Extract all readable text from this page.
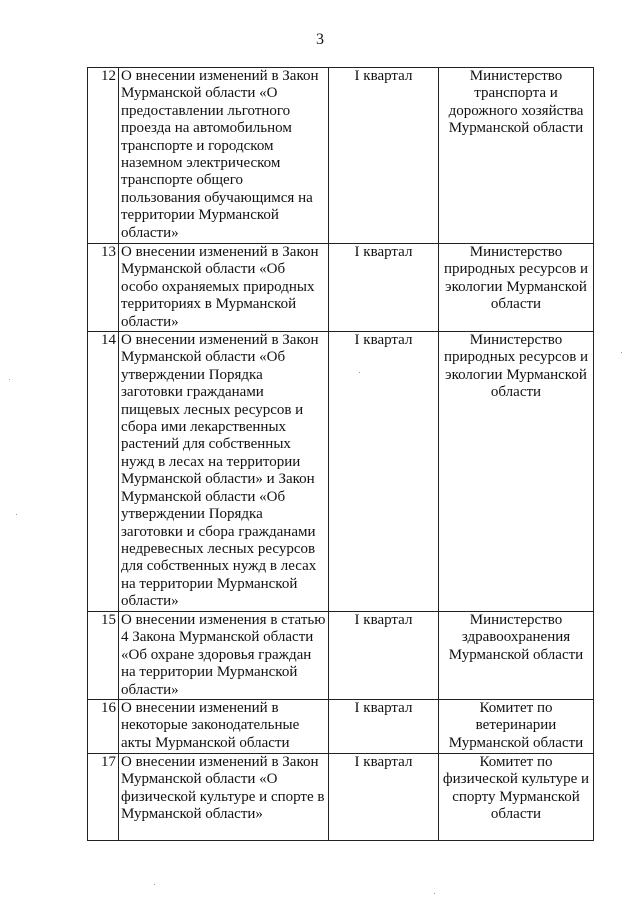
3
12	О внесении изменений в Закон Мурманской области «О предоставлении льготного проезда на автомобильном транспорте и городском наземном электрическом транспорте общего пользования обучающимся на территории Мурманской области»	I квартал	Министерство транспорта и дорожного хозяйства Мурманской области
13	О внесении изменений в Закон Мурманской области «Об особо охраняемых природных территориях в Мурманской области»	I квартал	Министерство природных ресурсов и экологии Мурманской области
14	О внесении изменений в Закон Мурманской области «Об утверждении Порядка заготовки гражданами пищевых лесных ресурсов и сбора ими лекарственных растений для собственных нужд в лесах на территории Мурманской области» и Закон Мурманской области «Об утверждении Порядка заготовки и сбора гражданами недревесных лесных ресурсов для собственных нужд в лесах на территории Мурманской области»	I квартал	Министерство природных ресурсов и экологии Мурманской области
15	О внесении изменения в статью 4 Закона Мурманской области «Об охране здоровья граждан на территории Мурманской области»	I квартал	Министерство здравоохранения Мурманской области
16	О внесении изменений в некоторые законодательные акты Мурманской области	I квартал	Комитет по ветеринарии Мурманской области
17	О внесении изменений в Закон Мурманской области «О физической культуре и спорте в Мурманской области»	I квартал	Комитет по физической культуре и спорту Мурманской области
